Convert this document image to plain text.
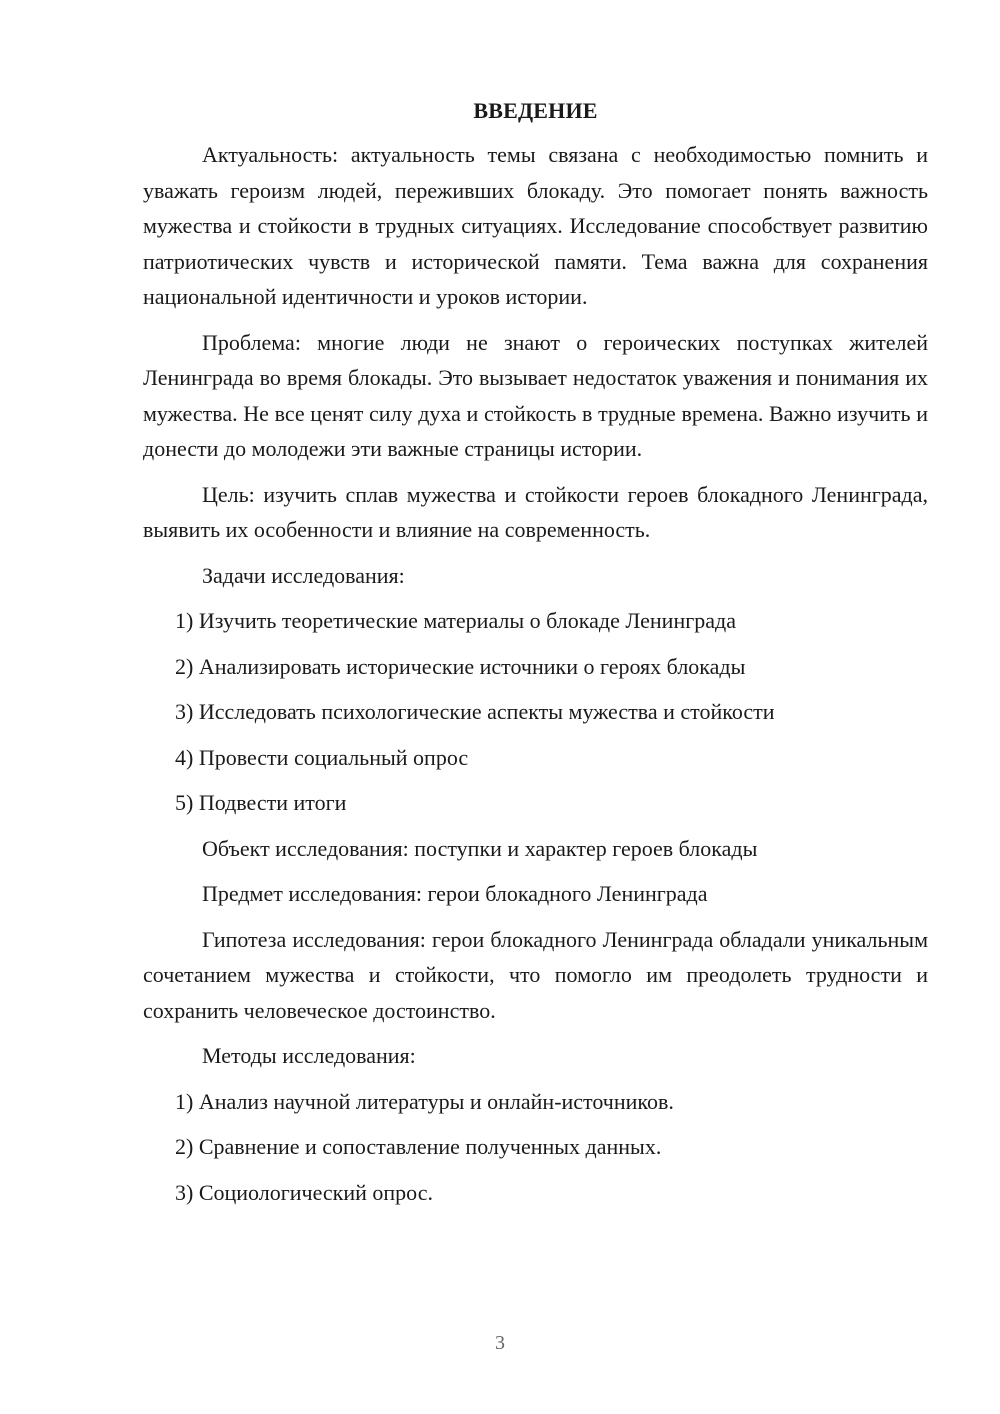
ВВЕДЕНИЕ

Актуальность: актуальность темы связана с необходимостью помнить и уважать героизм людей, переживших блокаду. Это помогает понять важность мужества и стойкости в трудных ситуациях. Исследование способствует развитию патриотических чувств и исторической памяти. Тема важна для сохранения национальной идентичности и уроков истории.

Проблема: многие люди не знают о героических поступках жителей Ленинграда во время блокады. Это вызывает недостаток уважения и понимания их мужества. Не все ценят силу духа и стойкость в трудные времена. Важно изучить и донести до молодежи эти важные страницы истории.

Цель: изучить сплав мужества и стойкости героев блокадного Ленинграда, выявить их особенности и влияние на современность.

Задачи исследования:

1) Изучить теоретические материалы о блокаде Ленинграда
2) Анализировать исторические источники о героях блокады
3) Исследовать психологические аспекты мужества и стойкости
4) Провести социальный опрос
5) Подвести итоги

Объект исследования: поступки и характер героев блокады

Предмет исследования: герои блокадного Ленинграда

Гипотеза исследования: герои блокадного Ленинграда обладали уникальным сочетанием мужества и стойкости, что помогло им преодолеть трудности и сохранить человеческое достоинство.

Методы исследования:

1) Анализ научной литературы и онлайн-источников.
2) Сравнение и сопоставление полученных данных.
3) Социологический опрос.
3
